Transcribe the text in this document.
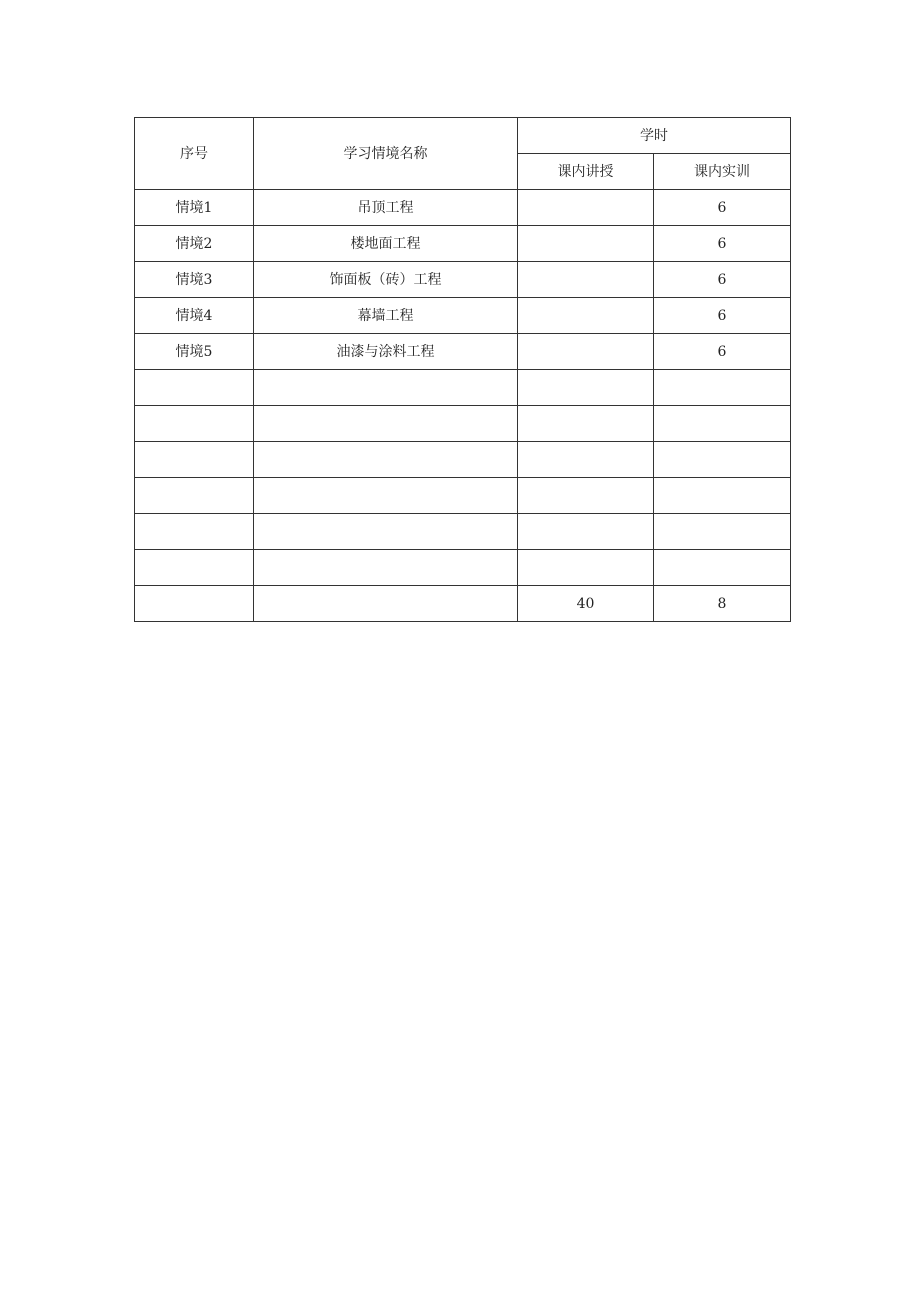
序号	学习情境名称	学时	
		课内讲授	课内实训
情境1	吊顶工程		6
情境2	楼地面工程		6
情境3	饰面板（砖）工程		6
情境4	幕墙工程		6
情境5	油漆与涂料工程		6

		40	8
